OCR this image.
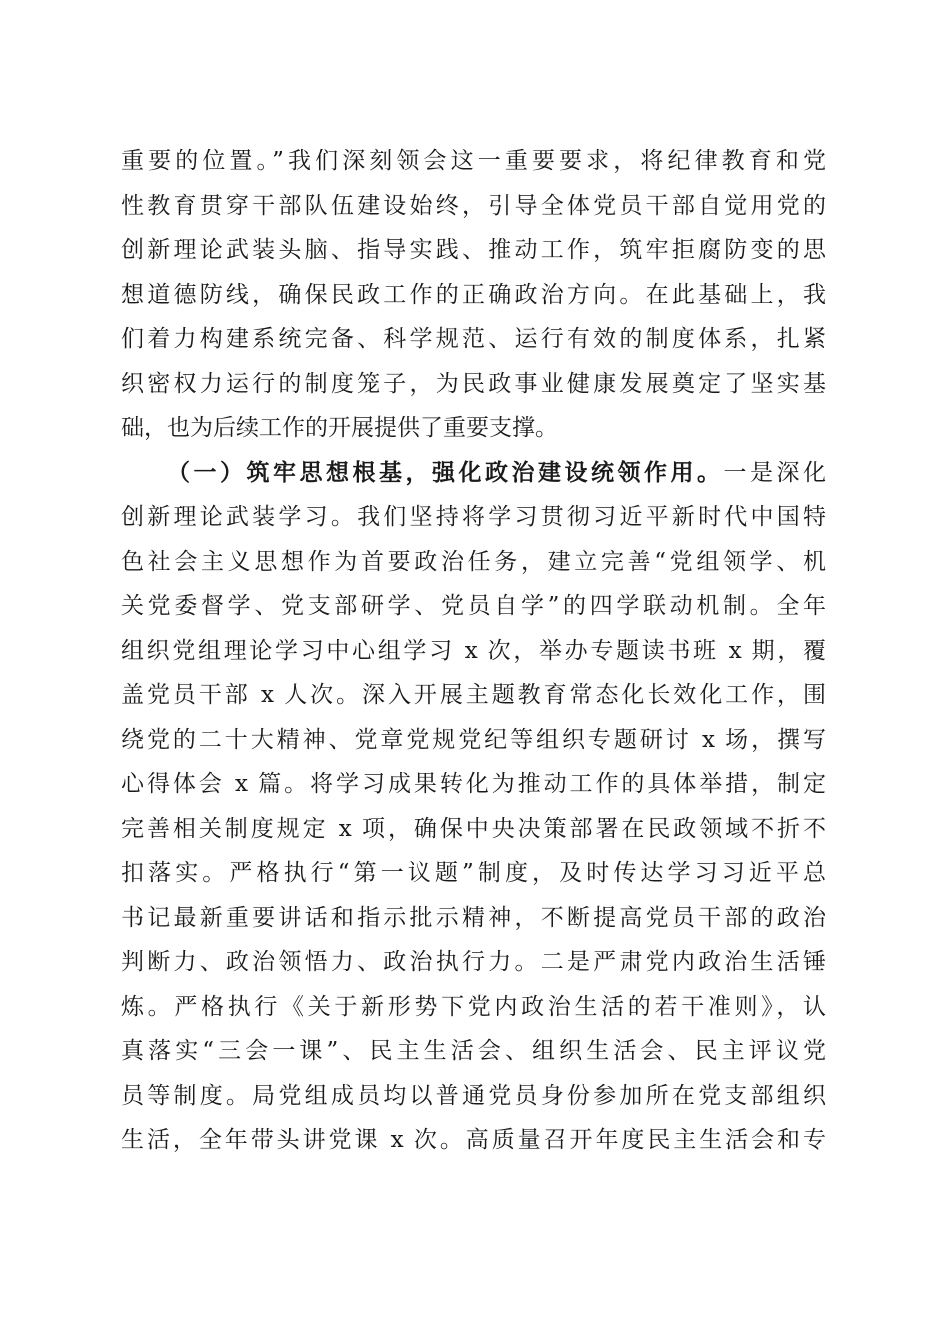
重要的位置。”我们深刻领会这一重要要求，将纪律教育和党
性教育贯穿干部队伍建设始终，引导全体党员干部自觉用党的
创新理论武装头脑、指导实践、推动工作，筑牢拒腐防变的思
想道德防线，确保民政工作的正确政治方向。在此基础上，我
们着力构建系统完备、科学规范、运行有效的制度体系，扎紧
织密权力运行的制度笼子，为民政事业健康发展奠定了坚实基
础，也为后续工作的开展提供了重要支撑。
（一）筑牢思想根基，强化政治建设统领作用。一是深化
创新理论武装学习。我们坚持将学习贯彻习近平新时代中国特
色社会主义思想作为首要政治任务，建立完善“党组领学、机
关党委督学、党支部研学、党员自学”的四学联动机制。全年
组织党组理论学习中心组学习 x 次，举办专题读书班 x 期，覆
盖党员干部 x 人次。深入开展主题教育常态化长效化工作，围
绕党的二十大精神、党章党规党纪等组织专题研讨 x 场，撰写
心得体会 x 篇。将学习成果转化为推动工作的具体举措，制定
完善相关制度规定 x 项，确保中央决策部署在民政领域不折不
扣落实。严格执行“第一议题”制度，及时传达学习习近平总
书记最新重要讲话和指示批示精神，不断提高党员干部的政治
判断力、政治领悟力、政治执行力。二是严肃党内政治生活锤
炼。严格执行《关于新形势下党内政治生活的若干准则》，认
真落实“三会一课”、民主生活会、组织生活会、民主评议党
员等制度。局党组成员均以普通党员身份参加所在党支部组织
生活，全年带头讲党课 x 次。高质量召开年度民主生活会和专
